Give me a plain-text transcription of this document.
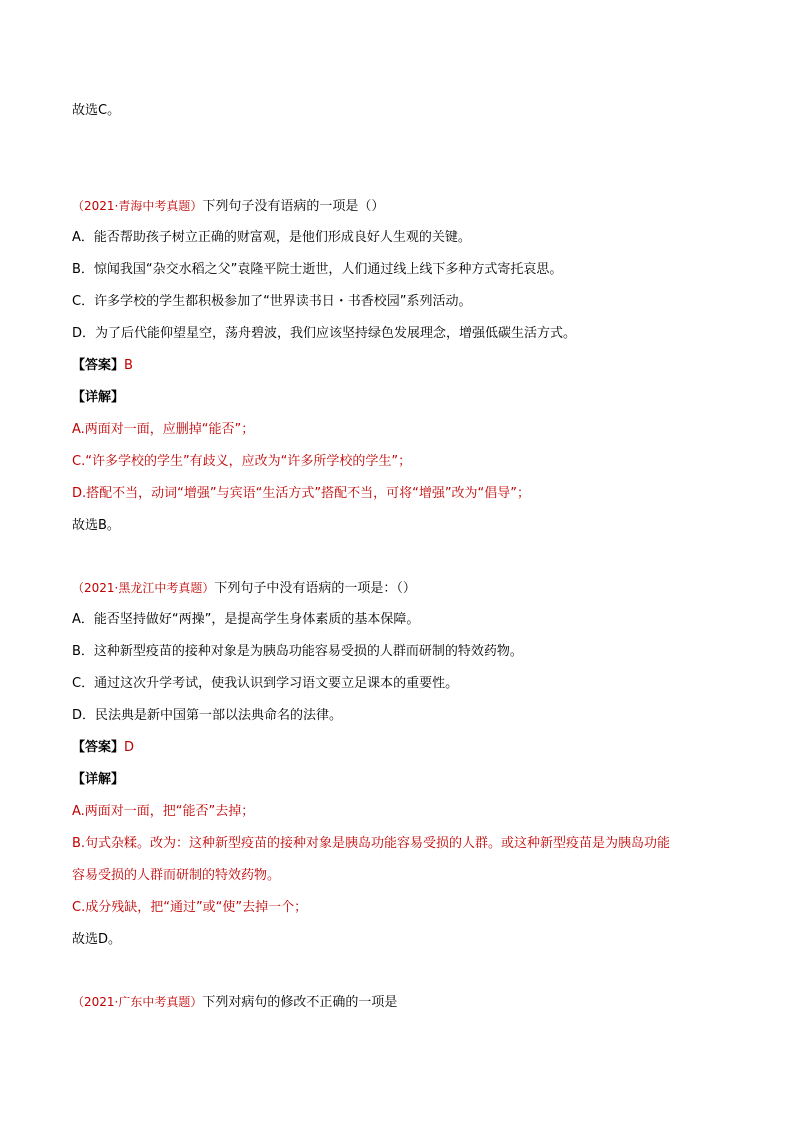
故选C。
（2021·青海中考真题）下列句子没有语病的一项是（）
A．能否帮助孩子树立正确的财富观，是他们形成良好人生观的关键。
B．惊闻我国“杂交水稻之父”袁隆平院士逝世，人们通过线上线下多种方式寄托哀思。
C．许多学校的学生都积极参加了“世界读书日・书香校园”系列活动。
D．为了后代能仰望星空，荡舟碧波，我们应该坚持绿色发展理念，增强低碳生活方式。
【答案】B
【详解】
A.两面对一面，应删掉“能否”；
C.“许多学校的学生”有歧义，应改为“许多所学校的学生”；
D.搭配不当，动词“增强”与宾语“生活方式”搭配不当，可将“增强”改为“倡导”；
故选B。
（2021·黑龙江中考真题）下列句子中没有语病的一项是：（）
A．能否坚持做好“两操”，是提高学生身体素质的基本保障。
B．这种新型疫苗的接种对象是为胰岛功能容易受损的人群而研制的特效药物。
C．通过这次升学考试，使我认识到学习语文要立足课本的重要性。
D．民法典是新中国第一部以法典命名的法律。
【答案】D
【详解】
A.两面对一面，把“能否”去掉；
B.句式杂糅。改为：这种新型疫苗的接种对象是胰岛功能容易受损的人群。或这种新型疫苗是为胰岛功能
容易受损的人群而研制的特效药物。
C.成分残缺，把“通过”或“使”去掉一个；
故选D。
（2021·广东中考真题）下列对病句的修改不正确的一项是
